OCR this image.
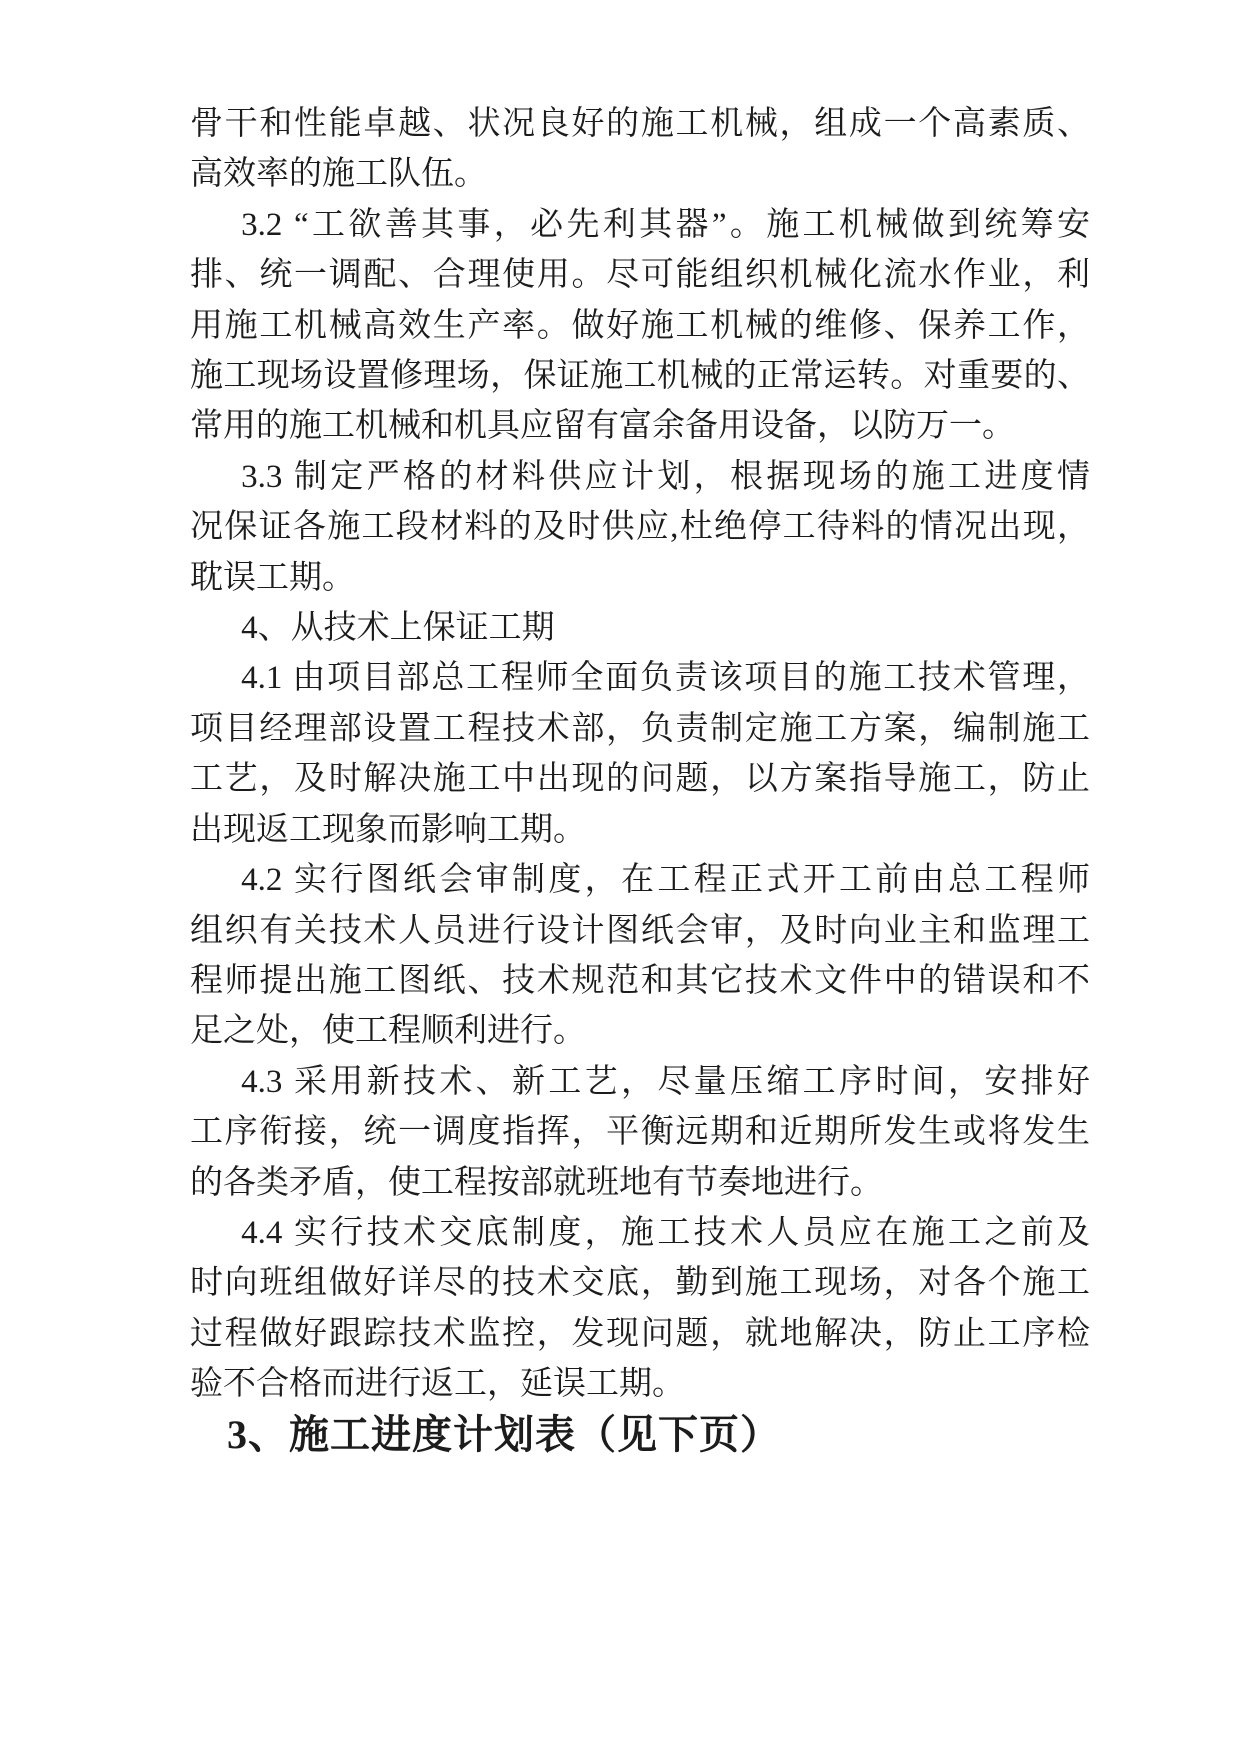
骨干和性能卓越、状况良好的施工机械，组成一个高素质、
高效率的施工队伍。
3.2 “工欲善其事，必先利其器”。施工机械做到统筹安
排、统一调配、合理使用。尽可能组织机械化流水作业，利
用施工机械高效生产率。做好施工机械的维修、保养工作，
施工现场设置修理场，保证施工机械的正常运转。对重要的、
常用的施工机械和机具应留有富余备用设备，以防万一。
3.3 制定严格的材料供应计划，根据现场的施工进度情
况保证各施工段材料的及时供应,杜绝停工待料的情况出现，
耽误工期。
4、从技术上保证工期
4.1 由项目部总工程师全面负责该项目的施工技术管理，
项目经理部设置工程技术部，负责制定施工方案，编制施工
工艺，及时解决施工中出现的问题，以方案指导施工，防止
出现返工现象而影响工期。
4.2 实行图纸会审制度，在工程正式开工前由总工程师
组织有关技术人员进行设计图纸会审，及时向业主和监理工
程师提出施工图纸、技术规范和其它技术文件中的错误和不
足之处，使工程顺利进行。
4.3 采用新技术、新工艺，尽量压缩工序时间，安排好
工序衔接，统一调度指挥，平衡远期和近期所发生或将发生
的各类矛盾，使工程按部就班地有节奏地进行。
4.4 实行技术交底制度，施工技术人员应在施工之前及
时向班组做好详尽的技术交底，勤到施工现场，对各个施工
过程做好跟踪技术监控，发现问题，就地解决，防止工序检
验不合格而进行返工，延误工期。
3、施工进度计划表（见下页）
